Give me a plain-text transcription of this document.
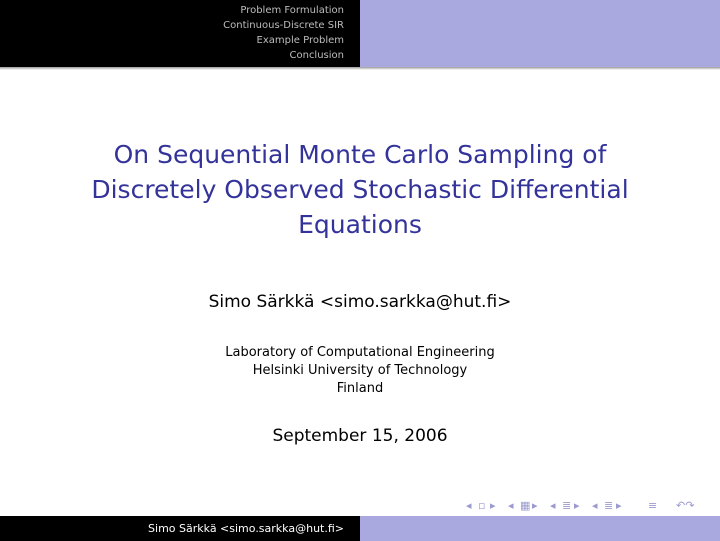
Problem Formulation
Continuous-Discrete SIR
Example Problem
Conclusion
On Sequential Monte Carlo Sampling of
Discretely Observed Stochastic Differential
Equations
Simo Särkkä <simo.sarkka@hut.fi>
Laboratory of Computational Engineering
Helsinki University of Technology
Finland
September 15, 2006
◂ ▫ ▸ ◂ ▦ ▸ ◂ ≣ ▸ ◂ ≣ ▸ ≡ ↶↷
Simo Särkkä <simo.sarkka@hut.fi>
